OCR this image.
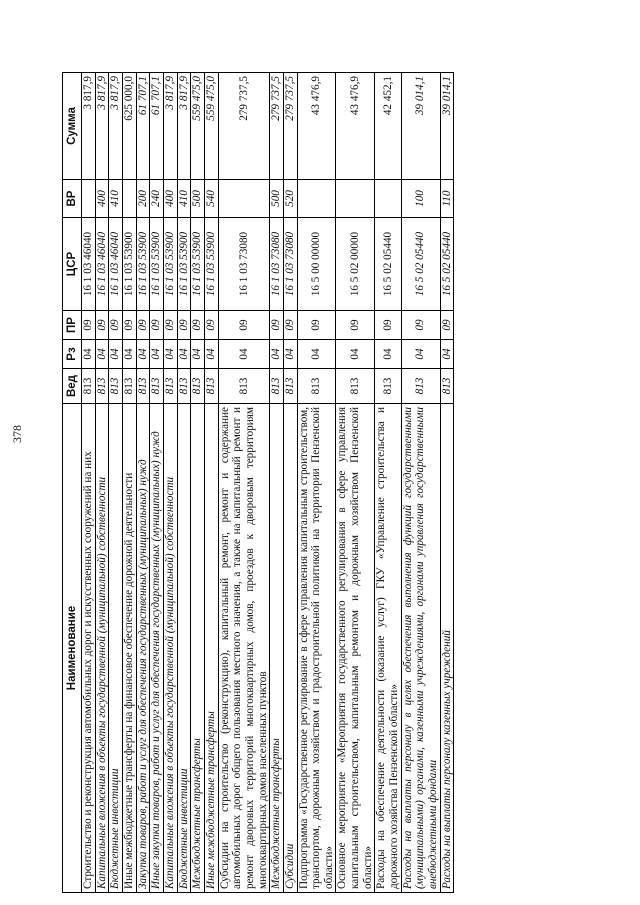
378
Наименование	Вед	Рз	ПР	ЦСР	ВР	Сумма
Строительство и реконструкция автомобильных дорог и искусственных сооружений на них	813	04	09	16 1 03 46040		3 817,9
Капитальные вложения в объекты государственной (муниципальной) собственности	813	04	09	16 1 03 46040	400	3 817,9
Бюджетные инвестиции	813	04	09	16 1 03 46040	410	3 817,9
Иные межбюджетные трансферты на финансовое обеспечение дорожной деятельности	813	04	09	16 1 03 53900		625 000,0
Закупка товаров, работ и услуг для обеспечения государственных (муниципальных) нужд	813	04	09	16 1 03 53900	200	61 707,1
Иные закупки товаров, работ и услуг для обеспечения государственных (муниципальных) нужд	813	04	09	16 1 03 53900	240	61 707,1
Капитальные вложения в объекты государственной (муниципальной) собственности	813	04	09	16 1 03 53900	400	3 817,9
Бюджетные инвестиции	813	04	09	16 1 03 53900	410	3 817,9
Межбюджетные трансферты	813	04	09	16 1 03 53900	500	559 475,0
Иные межбюджетные трансферты	813	04	09	16 1 03 53900	540	559 475,0
Субсидии на строительство (реконструкцию), капитальный ремонт, ремонт и содержание автомобильных дорог общего пользования местного значения, а также на капитальный ремонт и ремонт дворовых территорий многоквартирных домов, проездов к дворовым территориям многоквартирных домов населенных пунктов	813	04	09	16 1 03 73080		279 737,5
Межбюджетные трансферты	813	04	09	16 1 03 73080	500	279 737,5
Субсидии	813	04	09	16 1 03 73080	520	279 737,5
Подпрограмма «Государственное регулирование в сфере управления капитальным строительством, транспортом, дорожным хозяйством и градостроительной политикой на территории Пензенской области»	813	04	09	16 5 00 00000		43 476,9
Основное мероприятие «Мероприятия государственного регулирования в сфере управления капитальным строительством, капитальным ремонтом и дорожным хозяйством Пензенской области»	813	04	09	16 5 02 00000		43 476,9
Расходы на обеспечение деятельности (оказание услуг) ГКУ «Управление строительства и дорожного хозяйства Пензенской области»	813	04	09	16 5 02 05440		42 452,1
Расходы на выплаты персоналу в целях обеспечения выполнения функций государственными (муниципальными) органами, казенными учреждениями, органами управления государственными внебюджетными фондами	813	04	09	16 5 02 05440	100	39 014,1
Расходы на выплаты персоналу казенных учреждений	813	04	09	16 5 02 05440	110	39 014,1
